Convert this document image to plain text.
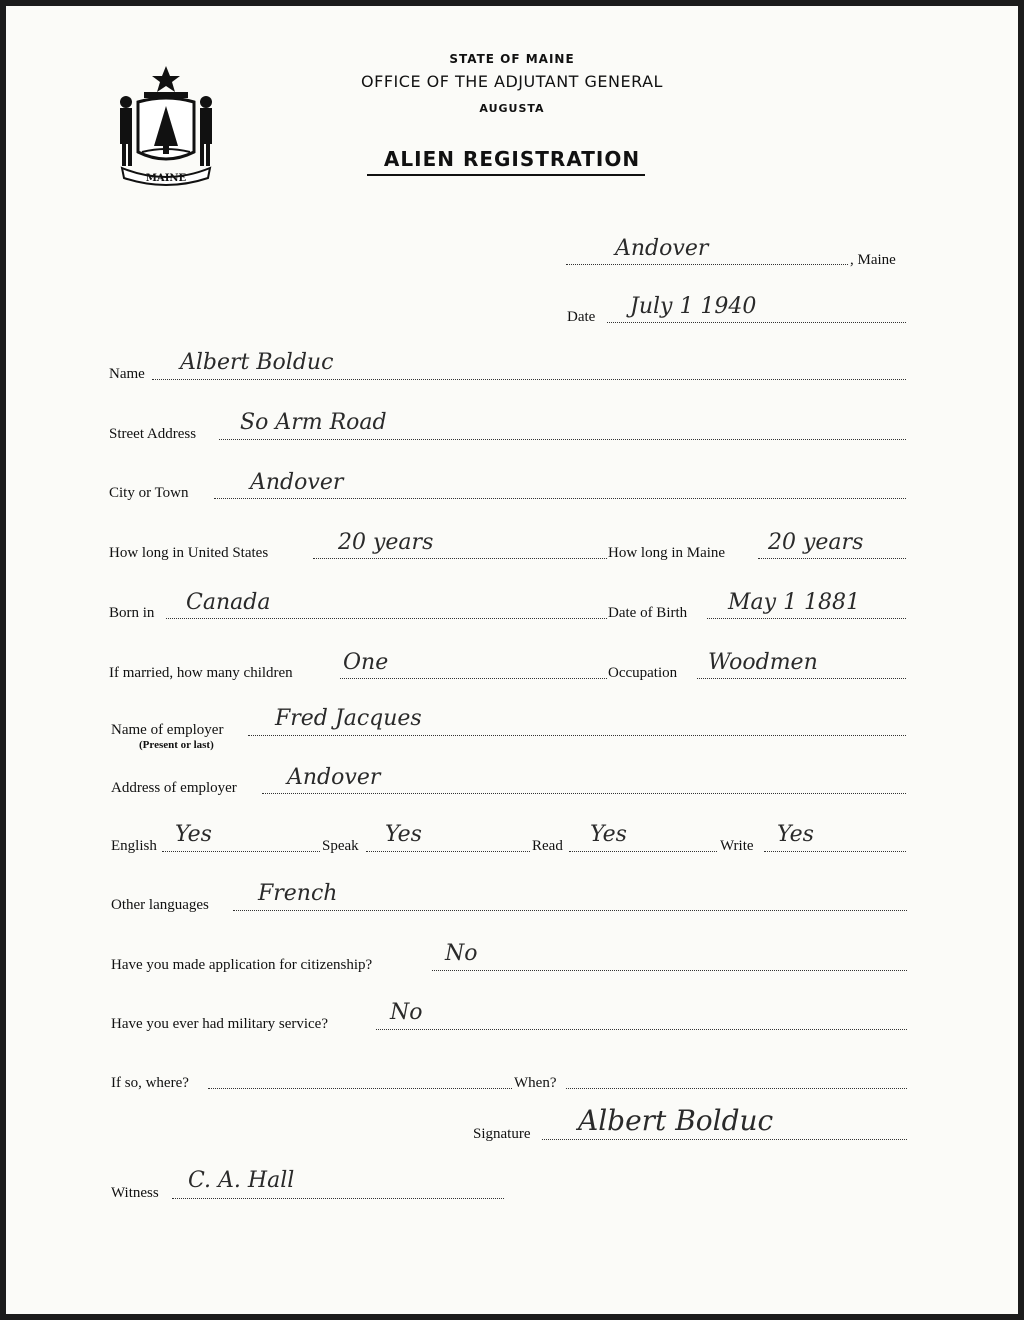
MAINE
STATE OF MAINE
OFFICE OF THE ADJUTANT GENERAL
AUGUSTA
ALIEN REGISTRATION
Andover	, Maine
Date July 1 1940
Name Albert Bolduc
Street Address So Arm Road
City or Town	Andover
How long in United States	20 years	How long in Maine 20 years
Born in Canada	Date of Birth May 1 1881
If married, how many children One	Occupation Woodmen
Name of employer
(Present or last)
Fred Jacques
Address of employer Andover
English Yes	Speak Yes	Read Yes	Write Yes
Other languages French
Have you made application for citizenship?	No
Have you ever had military service?	No
If so, where?	When?
Signature Albert Bolduc
Witness C. A. Hall
